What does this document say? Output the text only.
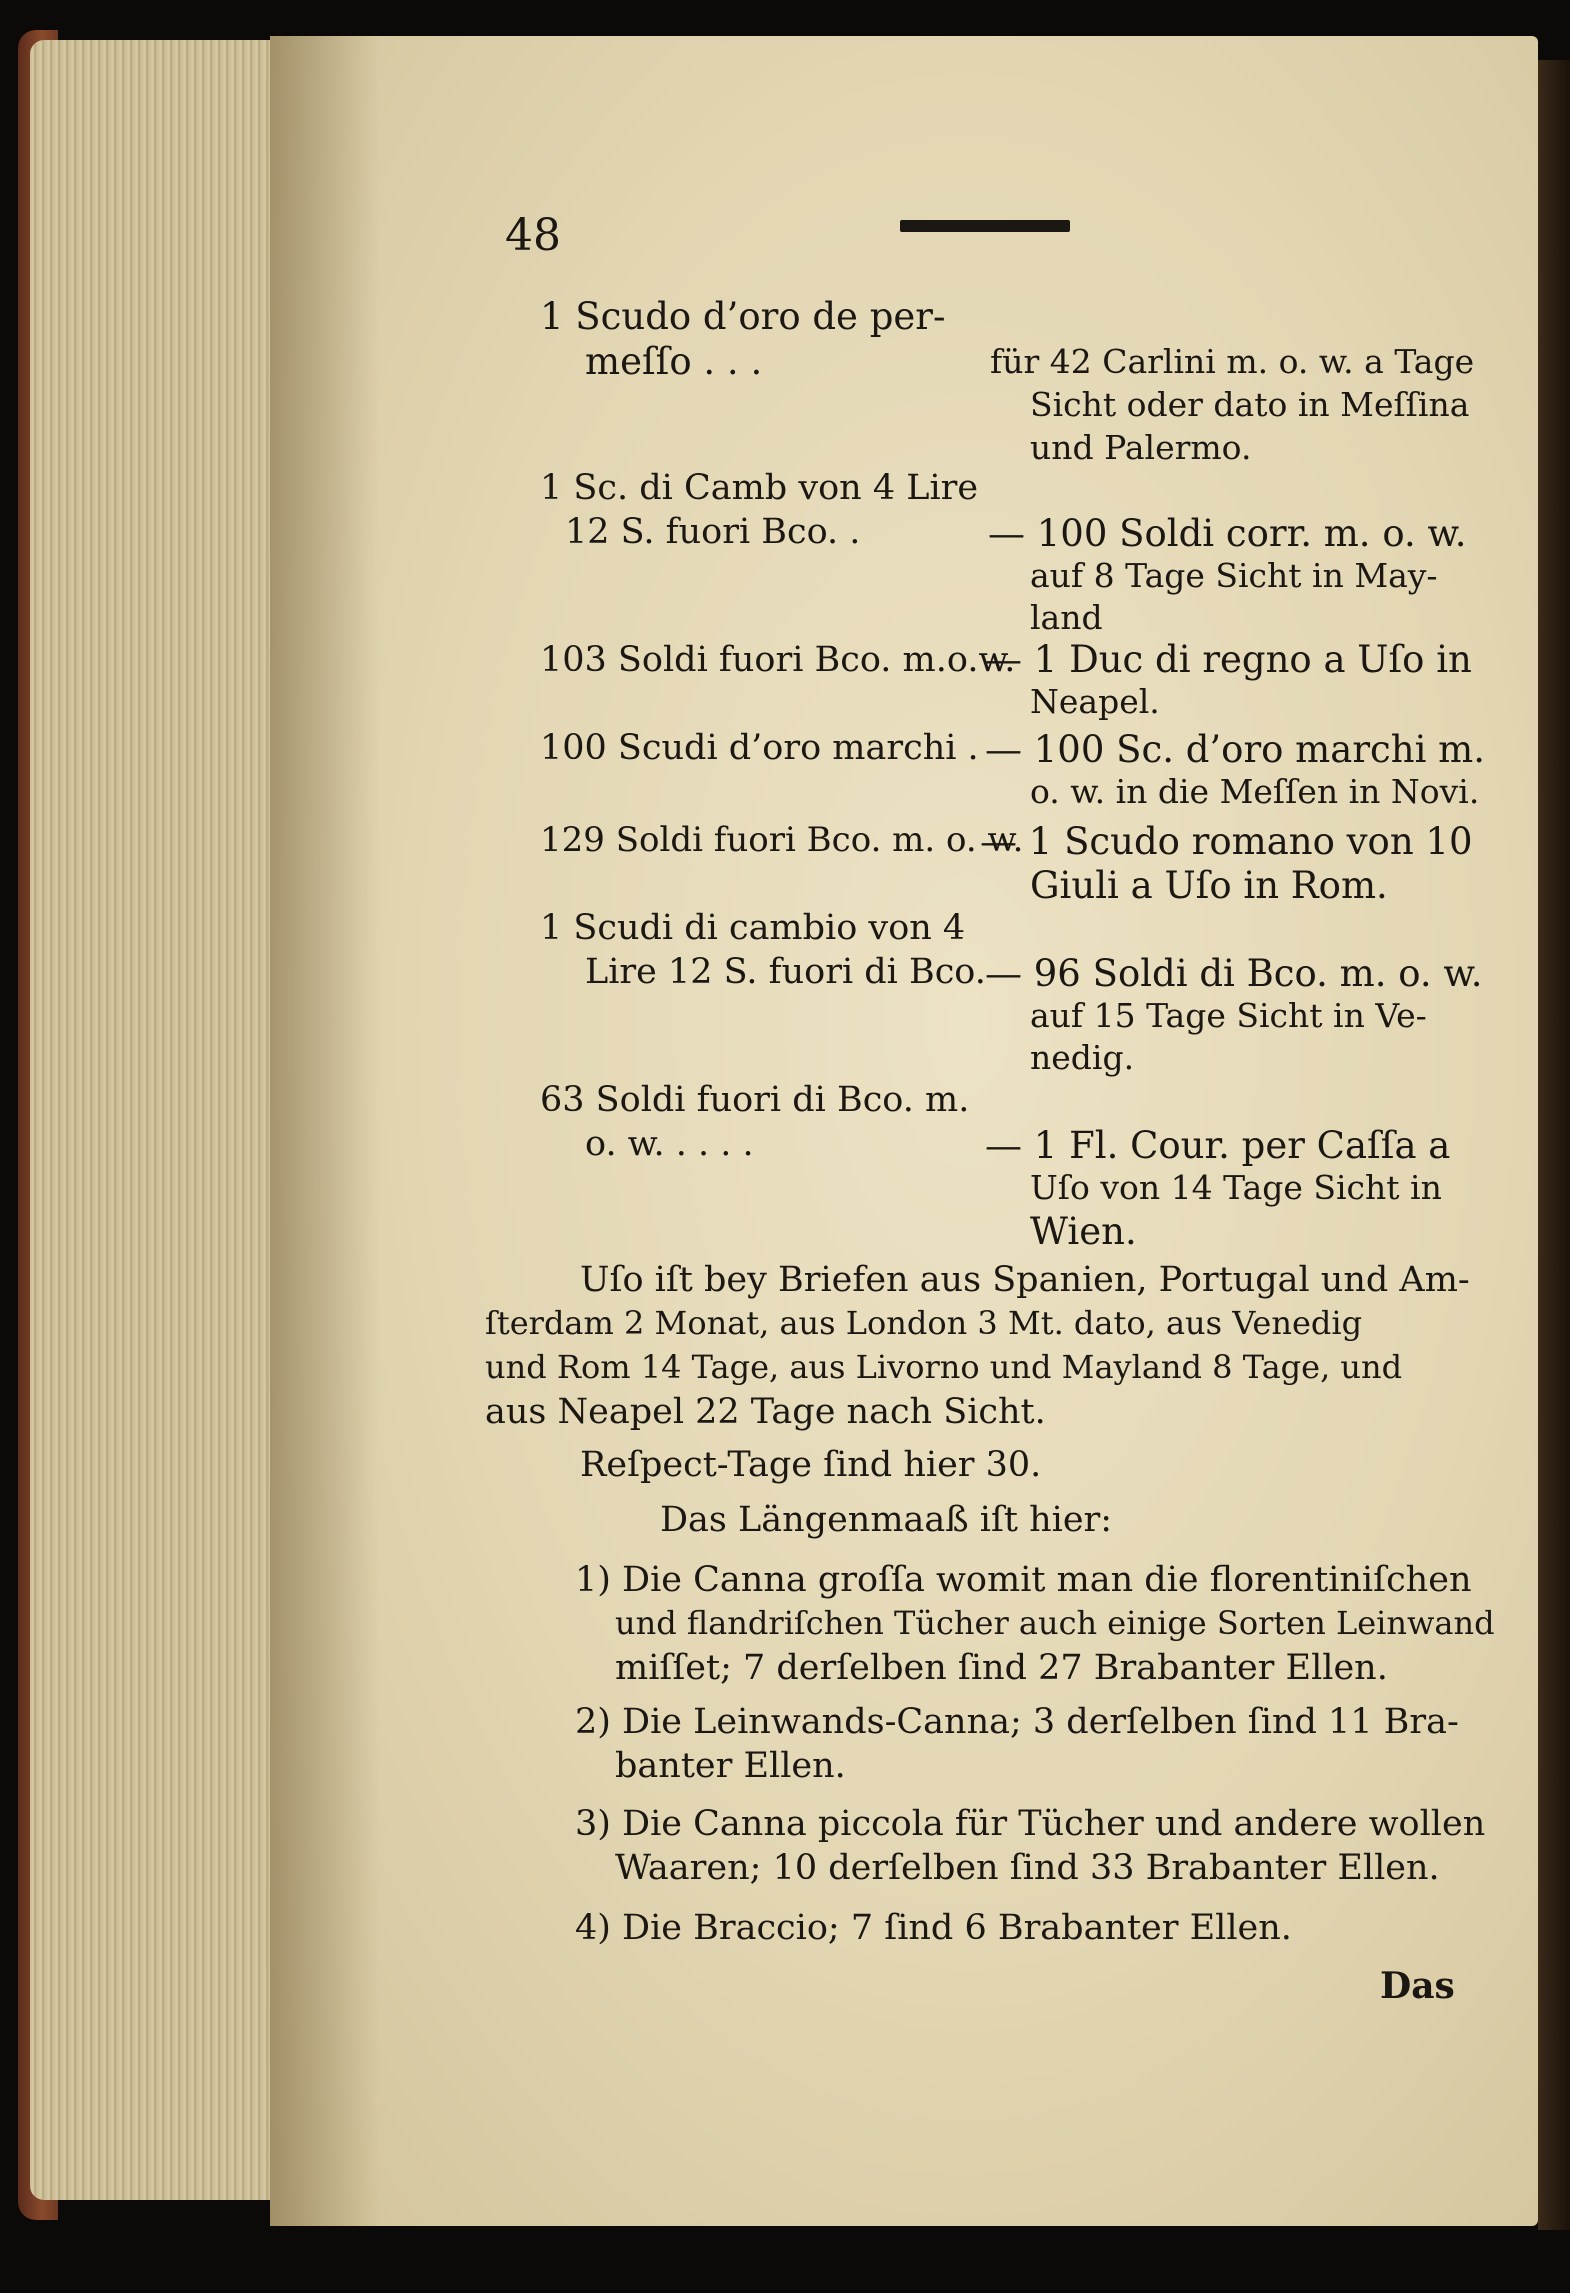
48
1 Scudo d’oro de per-
meſſo . . .	für 42 Carlini m. o. w. a Tage
Sicht oder dato in Meſſina
und Palermo.
1 Sc. di Camb von 4 Lire
12 S. fuori Bco. .	— 100 Soldi corr. m. o. w.
auf 8 Tage Sicht in May-
land
103 Soldi fuori Bco. m.o.w.
— 1 Duc di regno a Uſo in
Neapel.
100 Scudi d’oro marchi . — 100 Sc. d’oro marchi m.
o. w. in die Meſſen in Novi.
129 Soldi fuori Bco. m. o. w.
— 1 Scudo romano von 10
Giuli a Uſo in Rom.
1 Scudi di cambio von 4
Lire 12 S. fuori di Bco. — 96 Soldi di Bco. m. o. w.
auf 15 Tage Sicht in Ve-
nedig.
63 Soldi fuori di Bco. m.
o. w. . . . .	— 1 Fl. Cour. per Caſſa a
Uſo von 14 Tage Sicht in
Wien.
Uſo iſt bey Briefen aus Spanien, Portugal und Am-
ſterdam 2 Monat, aus London 3 Mt. dato, aus Venedig
und Rom 14 Tage, aus Livorno und Mayland 8 Tage, und
aus Neapel 22 Tage nach Sicht.
Reſpect-Tage ſind hier 30.
Das Längenmaaß iſt hier:
1) Die Canna groſſa womit man die florentiniſchen
und flandriſchen Tücher auch einige Sorten Leinwand
miſſet; 7 derſelben ſind 27 Brabanter Ellen.
2) Die Leinwands-Canna; 3 derſelben ſind 11 Bra-
banter Ellen.
3) Die Canna piccola für Tücher und andere wollen
Waaren; 10 derſelben ſind 33 Brabanter Ellen.
4) Die Braccio; 7 ſind 6 Brabanter Ellen.
Das
